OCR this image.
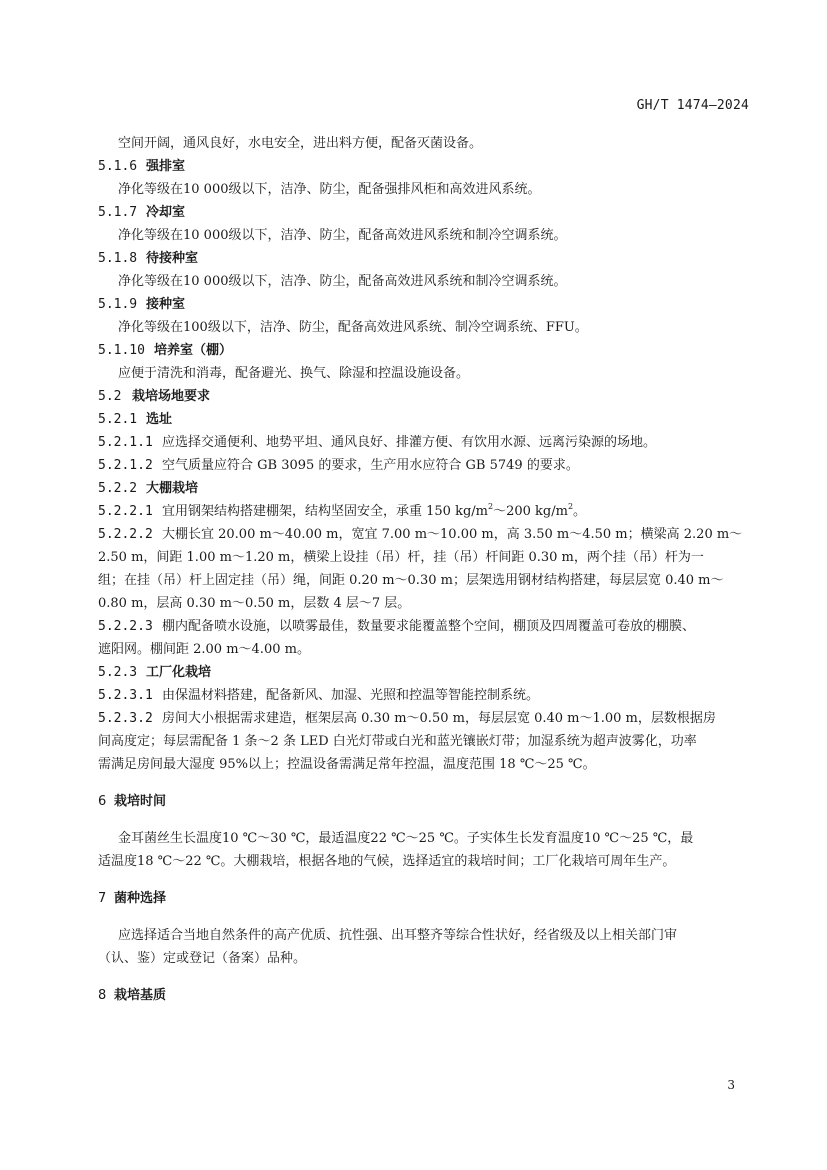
GH/T 1474—2024
空间开阔，通风良好，水电安全，进出料方便，配备灭菌设备。
5.1.6 强排室
净化等级在10 000级以下，洁净、防尘，配备强排风柜和高效进风系统。
5.1.7 冷却室
净化等级在10 000级以下，洁净、防尘，配备高效进风系统和制冷空调系统。
5.1.8 待接种室
净化等级在10 000级以下，洁净、防尘，配备高效进风系统和制冷空调系统。
5.1.9 接种室
净化等级在100级以下，洁净、防尘，配备高效进风系统、制冷空调系统、FFU。
5.1.10 培养室（棚）
应便于清洗和消毒，配备避光、换气、除湿和控温设施设备。
5.2 栽培场地要求
5.2.1 选址
5.2.1.1 应选择交通便利、地势平坦、通风良好、排灌方便、有饮用水源、远离污染源的场地。
5.2.1.2 空气质量应符合 GB 3095 的要求，生产用水应符合 GB 5749 的要求。
5.2.2 大棚栽培
5.2.2.1 宜用钢架结构搭建棚架，结构坚固安全，承重 150 $kg/m^2\sim 200$ $kg/m^2$。
5.2.2.2 大棚长宜 20.00 m～40.00 m，宽宜 7.00 m～10.00 m，高 3.50 m～4.50 m；横梁高 2.20 m～
2.50 m，间距 1.00 m～1.20 m，横梁上设挂（吊）杆，挂（吊）杆间距 0.30 m，两个挂（吊）杆为一
组；在挂（吊）杆上固定挂（吊）绳，间距 0.20 m～0.30 m；层架选用钢材结构搭建，每层层宽 0.40 m～
0.80 m，层高 0.30 m～0.50 m，层数 4 层～7 层。
5.2.2.3 棚内配备喷水设施，以喷雾最佳，数量要求能覆盖整个空间，棚顶及四周覆盖可卷放的棚膜、
遮阳网。棚间距 2.00 m～4.00 m。
5.2.3 工厂化栽培
5.2.3.1 由保温材料搭建，配备新风、加湿、光照和控温等智能控制系统。
5.2.3.2 房间大小根据需求建造，框架层高 0.30 m～0.50 m，每层层宽 0.40 m～1.00 m，层数根据房
间高度定；每层需配备 1 条～2 条 LED 白光灯带或白光和蓝光镶嵌灯带；加湿系统为超声波雾化，功率
需满足房间最大湿度 95%以上；控温设备需满足常年控温，温度范围 18 ℃～25 ℃。
6 栽培时间
金耳菌丝生长温度10 ℃～30 ℃，最适温度22 ℃～25 ℃。子实体生长发育温度10 ℃～25 ℃，最
适温度18 ℃～22 ℃。大棚栽培，根据各地的气候，选择适宜的栽培时间；工厂化栽培可周年生产。
7 菌种选择
应选择适合当地自然条件的高产优质、抗性强、出耳整齐等综合性状好，经省级及以上相关部门审
（认、鉴）定或登记（备案）品种。
8 栽培基质
3
